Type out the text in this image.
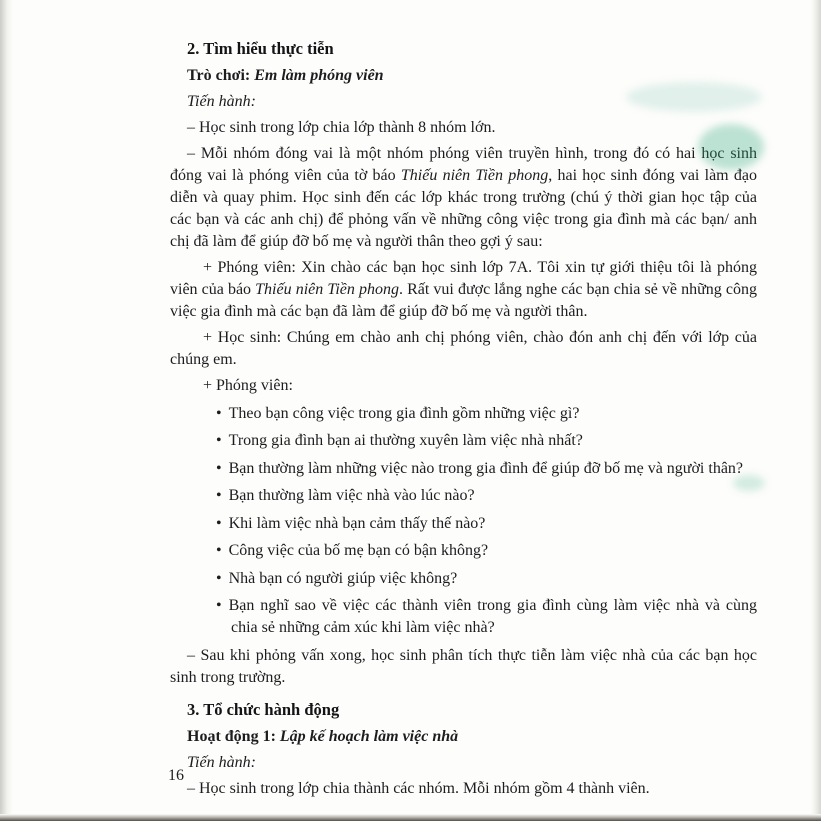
2. Tìm hiểu thực tiễn

Trò chơi: Em làm phóng viên

Tiến hành:

– Học sinh trong lớp chia lớp thành 8 nhóm lớn.

– Mỗi nhóm đóng vai là một nhóm phóng viên truyền hình, trong đó có hai học sinh đóng vai là phóng viên của tờ báo Thiếu niên Tiền phong, hai học sinh đóng vai làm đạo diễn và quay phim. Học sinh đến các lớp khác trong trường (chú ý thời gian học tập của các bạn và các anh chị) để phỏng vấn về những công việc trong gia đình mà các bạn/ anh chị đã làm để giúp đỡ bố mẹ và người thân theo gợi ý sau:

+ Phóng viên: Xin chào các bạn học sinh lớp 7A. Tôi xin tự giới thiệu tôi là phóng viên của báo Thiếu niên Tiền phong. Rất vui được lắng nghe các bạn chia sẻ về những công việc gia đình mà các bạn đã làm để giúp đỡ bố mẹ và người thân.

+ Học sinh: Chúng em chào anh chị phóng viên, chào đón anh chị đến với lớp của chúng em.

+ Phóng viên:

• Theo bạn công việc trong gia đình gồm những việc gì?
• Trong gia đình bạn ai thường xuyên làm việc nhà nhất?
• Bạn thường làm những việc nào trong gia đình để giúp đỡ bố mẹ và người thân?
• Bạn thường làm việc nhà vào lúc nào?
• Khi làm việc nhà bạn cảm thấy thế nào?
• Công việc của bố mẹ bạn có bận không?
• Nhà bạn có người giúp việc không?
• Bạn nghĩ sao về việc các thành viên trong gia đình cùng làm việc nhà và cùng chia sẻ những cảm xúc khi làm việc nhà?

– Sau khi phỏng vấn xong, học sinh phân tích thực tiễn làm việc nhà của các bạn học sinh trong trường.

3. Tổ chức hành động

Hoạt động 1: Lập kế hoạch làm việc nhà

Tiến hành:

– Học sinh trong lớp chia thành các nhóm. Mỗi nhóm gồm 4 thành viên.

16
